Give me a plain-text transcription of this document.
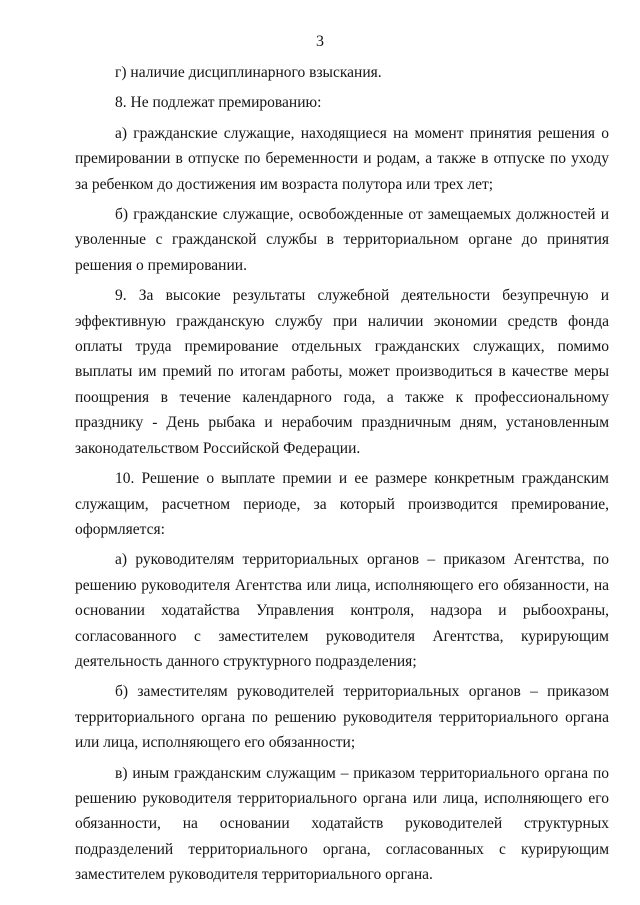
3

г) наличие дисциплинарного взыскания.

8. Не подлежат премированию:

а) гражданские служащие, находящиеся на момент принятия решения о премировании в отпуске по беременности и родам, а также в отпуске по уходу за ребенком до достижения им возраста полутора или трех лет;

б) гражданские служащие, освобожденные от замещаемых должностей и уволенные с гражданской службы в территориальном органе до принятия решения о премировании.

9. За высокие результаты служебной деятельности безупречную и эффективную гражданскую службу при наличии экономии средств фонда оплаты труда премирование отдельных гражданских служащих, помимо выплаты им премий по итогам работы, может производиться в качестве меры поощрения в течение календарного года, а также к профессиональному празднику - День рыбака и нерабочим праздничным дням, установленным законодательством Российской Федерации.

10. Решение о выплате премии и ее размере конкретным гражданским служащим, расчетном периоде, за который производится премирование, оформляется:

а) руководителям территориальных органов – приказом Агентства, по решению руководителя Агентства или лица, исполняющего его обязанности, на основании ходатайства Управления контроля, надзора и рыбоохраны, согласованного с заместителем руководителя Агентства, курирующим деятельность данного структурного подразделения;

б) заместителям руководителей территориальных органов – приказом территориального органа по решению руководителя территориального органа или лица, исполняющего его обязанности;

в) иным гражданским служащим – приказом территориального органа по решению руководителя территориального органа или лица, исполняющего его обязанности, на основании ходатайств руководителей структурных подразделений территориального органа, согласованных с курирующим заместителем руководителя территориального органа.
